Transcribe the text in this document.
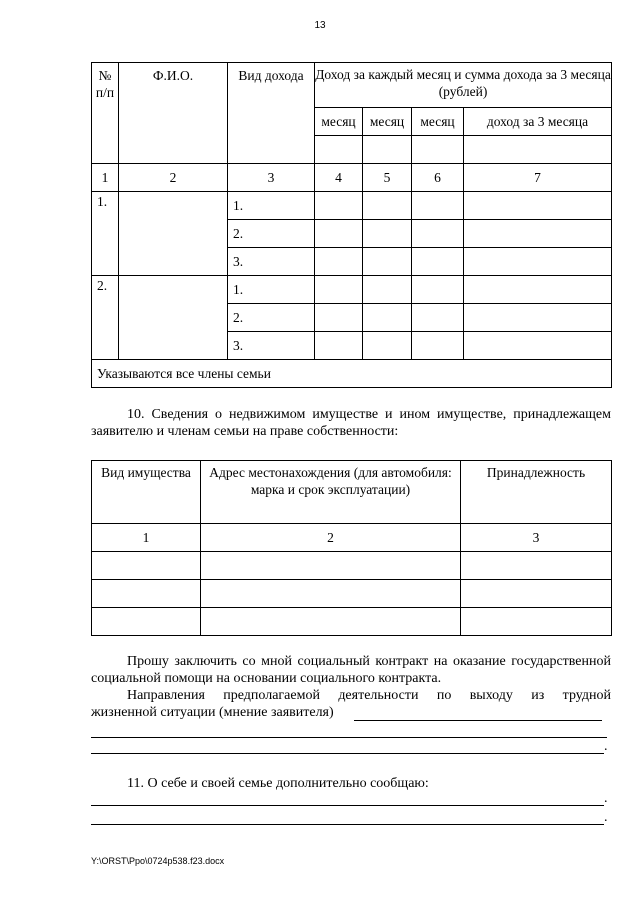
13
№ п/п	Ф.И.О.	Вид дохода	Доход за каждый месяц и сумма дохода за 3 месяца (рублей)			
			месяц	месяц	месяц	доход за 3 месяца

1	2	3	4	5	6	7
1.		1.				
		2.				
		3.				
2.		1.				
		2.				
		3.				
Указываются все члены семьи						
10. Сведения о недвижимом имуществе и ином имуществе, принадлежащем заявителю и членам семьи на праве собственности:
Вид имущества	Адрес местонахождения (для автомобиля: марка и срок эксплуатации)	Принадлежность
1	2	3

Прошу заключить со мной социальный контракт на оказание государственной социальной помощи на основании социального контракта.
Направления предполагаемой деятельности по выходу из трудной
жизненной ситуации (мнение заявителя)
.
11. О себе и своей семье дополнительно сообщаю:
.
.
Y:\ORST\Ppo\0724p538.f23.docx
